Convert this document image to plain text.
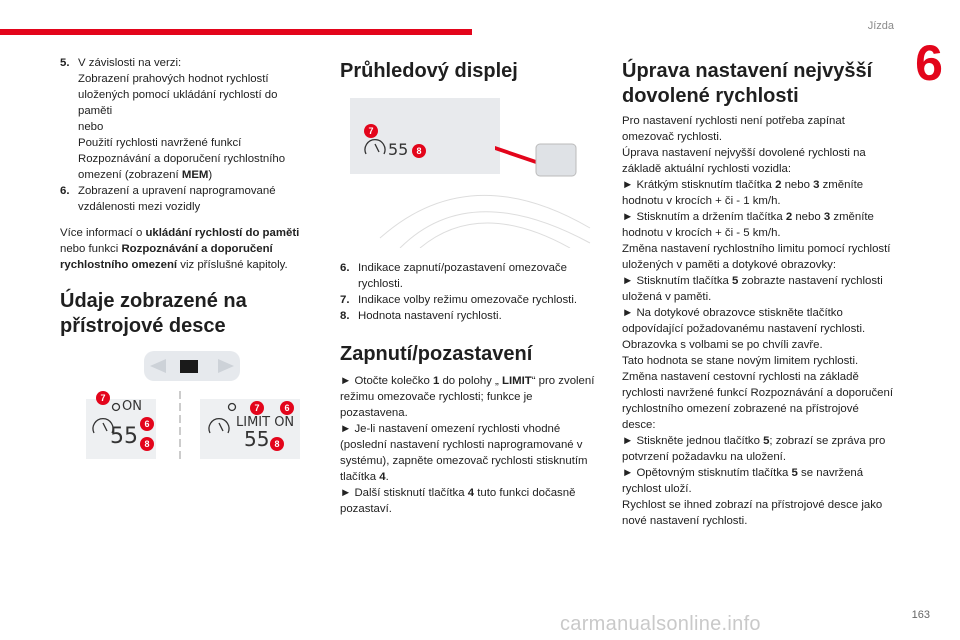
Jízda
6
5. V závislosti na verzi:
Zobrazení prahových hodnot rychlostí
uložených pomocí ukládání rychlostí do
paměti
nebo
Použití rychlosti navržené funkcí
Rozpoznávání a doporučení rychlostního
omezení (zobrazení MEM)
6. Zobrazení a upravení naprogramované vzdálenosti mezi vozidly

Více informací o ukládání rychlostí do paměti nebo funkci Rozpoznávání a doporučení rychlostního omezení viz příslušné kapitoly.

Údaje zobrazené na přístrojové desce
ON
55
7
6
8
LIMIT ON
55
7	6
8
Průhledový displej
55
7
8
6. Indikace zapnutí/pozastavení omezovače rychlosti.
7. Indikace volby režimu omezovače rychlosti.
8. Hodnota nastavení rychlosti.
Zapnutí/pozastavení

► Otočte kolečko 1 do polohy „ LIMIT“ pro zvolení režimu omezovače rychlosti; funkce je pozastavena.

► Je-li nastavení omezení rychlosti vhodné (poslední nastavení rychlosti naprogramované v systému), zapněte omezovač rychlosti stisknutím tlačítka 4.

► Další stisknutí tlačítka 4 tuto funkci dočasně pozastaví.

Úprava nastavení nejvyšší dovolené rychlosti

Pro nastavení rychlosti není potřeba zapínat omezovač rychlosti.

Úprava nastavení nejvyšší dovolené rychlosti na základě aktuální rychlosti vozidla:

► Krátkým stisknutím tlačítka 2 nebo 3 změníte hodnotu v krocích + či - 1 km/h.

► Stisknutím a držením tlačítka 2 nebo 3 změníte hodnotu v krocích + či - 5 km/h.

Změna nastavení rychlostního limitu pomocí rychlostí uložených v paměti a dotykové obrazovky:

► Stisknutím tlačítka 5 zobrazte nastavení rychlosti uložená v paměti.

► Na dotykové obrazovce stiskněte tlačítko odpovídající požadovanému nastavení rychlosti.

Obrazovka s volbami se po chvíli zavře.

Tato hodnota se stane novým limitem rychlosti.

Změna nastavení cestovní rychlosti na základě rychlosti navržené funkcí Rozpoznávání a doporučení rychlostního omezení zobrazené na přístrojové desce:

► Stiskněte jednou tlačítko 5; zobrazí se zpráva pro potvrzení požadavku na uložení.

► Opětovným stisknutím tlačítka 5 se navržená rychlost uloží.

Rychlost se ihned zobrazí na přístrojové desce jako nové nastavení rychlosti.

carmanualsonline.info	163
